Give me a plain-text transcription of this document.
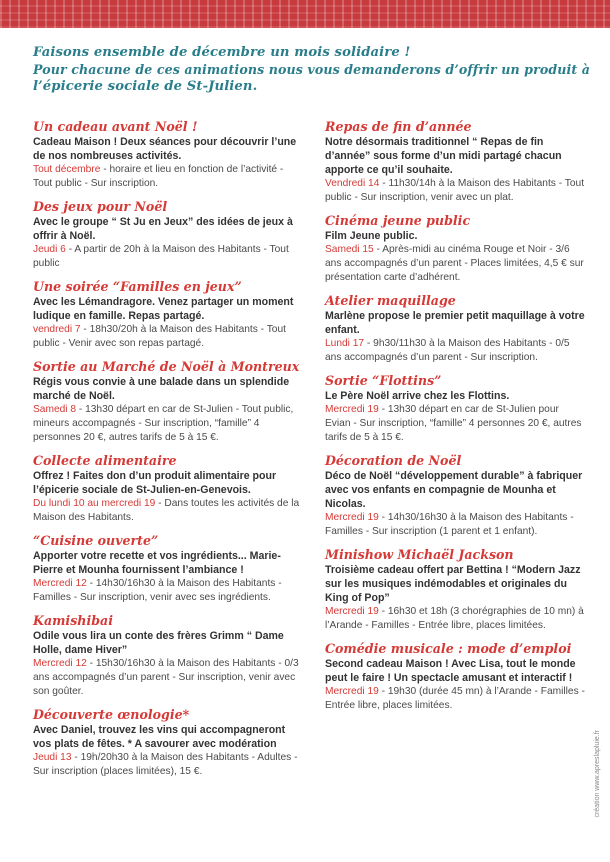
Faisons ensemble de décembre un mois solidaire !
Pour chacune de ces animations nous vous demanderons d’offrir un produit à
l’épicerie sociale de St-Julien.
Un cadeau avant Noël !
Cadeau Maison ! Deux séances pour découvrir l’une de nos nombreuses activités.
Tout décembre - horaire et lieu en fonction de l’activité - Tout public - Sur inscription.
Des jeux pour Noël
Avec le groupe “ St Ju en Jeux” des idées de jeux à offrir à Noël.
Jeudi 6 - A partir de 20h à la Maison des Habitants - Tout public
Une soirée “Familles en jeux”
Avec les Lémandragore. Venez partager un moment ludique en famille. Repas partagé.
vendredi 7 - 18h30/20h à la Maison des Habitants - Tout public - Venir avec son repas partagé.
Sortie au Marché de Noël à Montreux
Régis vous convie à une balade dans un splendide marché de Noël.
Samedi 8 - 13h30 départ en car de St-Julien - Tout public, mineurs accompagnés - Sur inscription, “famille” 4 personnes 20 €, autres tarifs de 5 à 15 €.
Collecte alimentaire
Offrez ! Faites don d’un produit alimentaire pour l’épicerie sociale de St-Julien-en-Genevois.
Du lundi 10 au mercredi 19 - Dans toutes les activités de la Maison des Habitants.
“Cuisine ouverte”
Apporter votre recette et vos ingrédients... Marie-Pierre et Mounha fournissent l’ambiance !
Mercredi 12 - 14h30/16h30 à la Maison des Habitants - Familles - Sur inscription, venir avec ses ingrédients.
Kamishibai
Odile vous lira un conte des frères Grimm “ Dame Holle, dame Hiver”
Mercredi 12 - 15h30/16h30 à la Maison des Habitants - 0/3 ans accompagnés d’un parent - Sur inscription, venir avec son goûter.
Découverte œnologie*
Avec Daniel, trouvez les vins qui accompagneront vos plats de fêtes. * A savourer avec modération
Jeudi 13 - 19h/20h30 à la Maison des Habitants - Adultes - Sur inscription (places limitées), 15 €.
Repas de fin d’année
Notre désormais traditionnel “ Repas de fin d’année” sous forme d’un midi partagé chacun apporte ce qu’il souhaite.
Vendredi 14 - 11h30/14h à la Maison des Habitants - Tout public - Sur inscription, venir avec un plat.
Cinéma jeune public
Film Jeune public.
Samedi 15 - Après-midi au cinéma Rouge et Noir - 3/6 ans accompagnés d’un parent - Places limitées, 4,5 € sur présentation carte d’adhérent.
Atelier maquillage
Marlène propose le premier petit maquillage à votre enfant.
Lundi 17 - 9h30/11h30 à la Maison des Habitants - 0/5 ans accompagnés d’un parent - Sur inscription.
Sortie “Flottins”
Le Père Noël arrive chez les Flottins.
Mercredi 19 - 13h30 départ en car de St-Julien pour Evian - Sur inscription, “famille” 4 personnes 20 €, autres tarifs de 5 à 15 €.
Décoration de Noël
Déco de Noël “développement durable” à fabriquer avec vos enfants en compagnie de Mounha et Nicolas.
Mercredi 19 - 14h30/16h30 à la Maison des Habitants - Familles - Sur inscription (1 parent et 1 enfant).
Minishow Michaël Jackson
Troisième cadeau offert par Bettina ! “Modern Jazz sur les musiques indémodables et originales du King of Pop”
Mercredi 19 - 16h30 et 18h (3 chorégraphies de 10 mn) à l’Arande - Familles - Entrée libre, places limitées.
Comédie musicale : mode d’emploi
Second cadeau Maison ! Avec Lisa, tout le monde peut le faire ! Un spectacle amusant et interactif !
Mercredi 19 - 19h30 (durée 45 mn) à l’Arande - Familles - Entrée libre, places limitées.
création www.apreslapluie.fr
